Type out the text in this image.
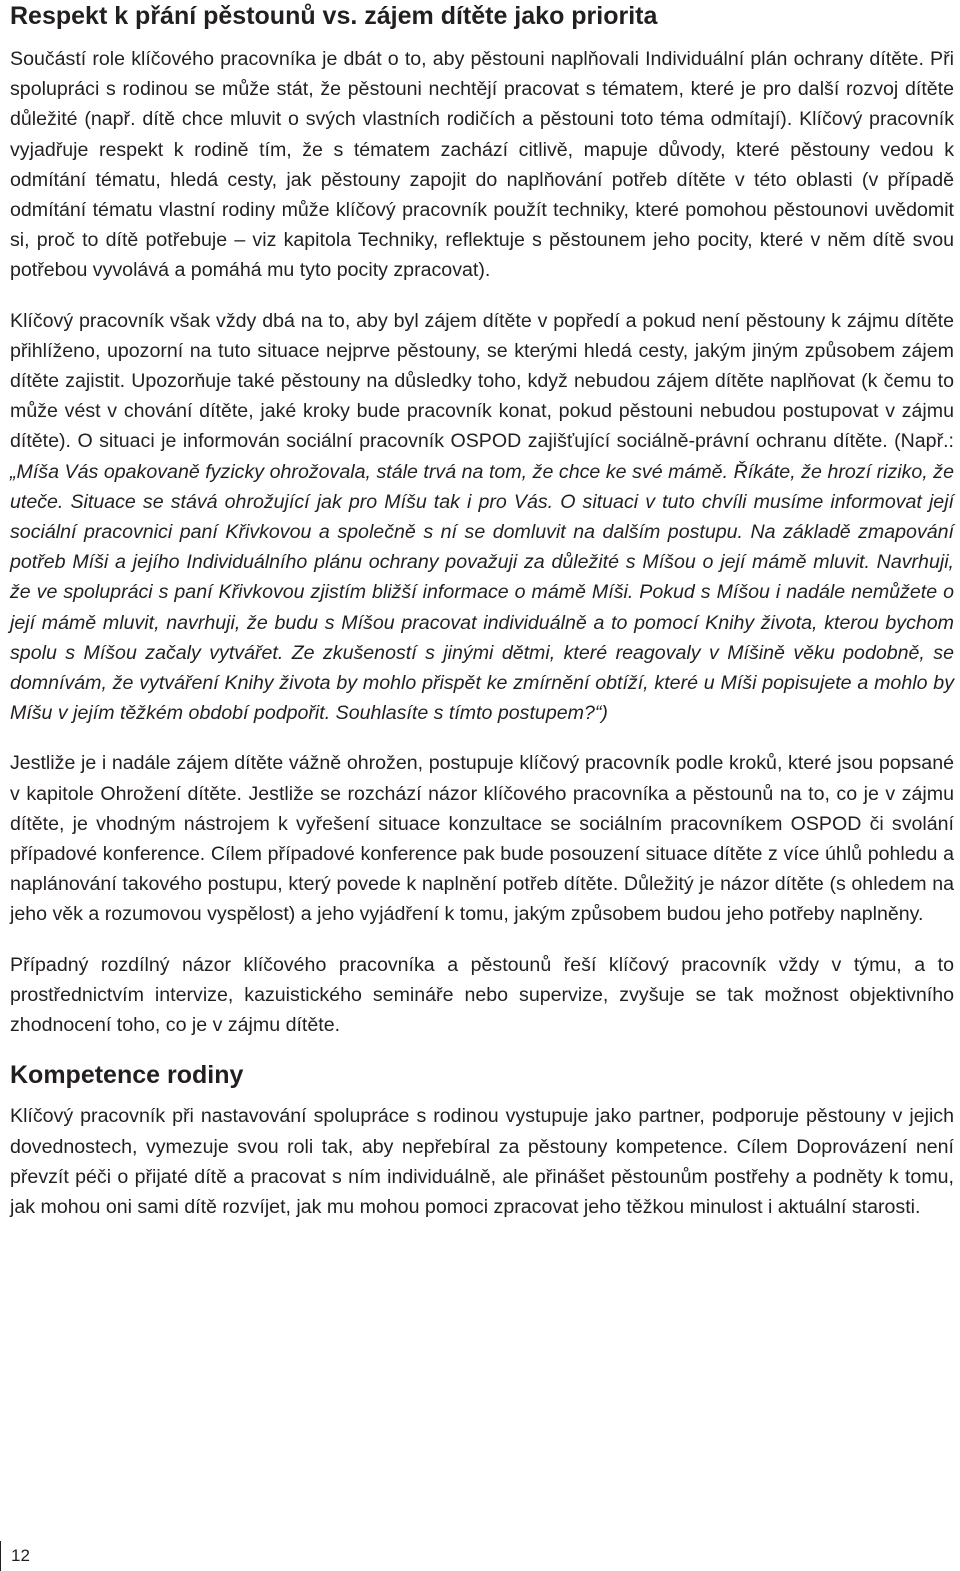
Respekt k přání pěstounů vs. zájem dítěte jako priorita

Součástí role klíčového pracovníka je dbát o to, aby pěstouni naplňovali Individuální plán ochrany dítěte. Při spolupráci s rodinou se může stát, že pěstouni nechtějí pracovat s tématem, které je pro další rozvoj dítěte důležité (např. dítě chce mluvit o svých vlastních rodičích a pěstouni toto téma odmítají). Klíčový pracovník vyjadřuje respekt k rodině tím, že s tématem zachází citlivě, mapuje důvody, které pěstouny vedou k odmítání tématu, hledá cesty, jak pěstouny zapojit do naplňování potřeb dítěte v této oblasti (v případě odmítání tématu vlastní rodiny může klíčový pracovník použít techniky, které pomohou pěstounovi uvědomit si, proč to dítě potřebuje – viz kapitola Techniky, reflektuje s pěstounem jeho pocity, které v něm dítě svou potřebou vyvolává a pomáhá mu tyto pocity zpracovat).

Klíčový pracovník však vždy dbá na to, aby byl zájem dítěte v popředí a pokud není pěstouny k zájmu dítěte přihlíženo, upozorní na tuto situace nejprve pěstouny, se kterými hledá cesty, jakým jiným způsobem zájem dítěte zajistit. Upozorňuje také pěstouny na důsledky toho, když nebudou zájem dítěte naplňovat (k čemu to může vést v chování dítěte, jaké kroky bude pracovník konat, pokud pěstouni nebudou postupovat v zájmu dítěte). O situaci je informován sociální pracovník OSPOD zajišťující sociálně-právní ochranu dítěte. (Např.: „Míša Vás opakovaně fyzicky ohrožovala, stále trvá na tom, že chce ke své mámě. Říkáte, že hrozí riziko, že uteče. Situace se stává ohrožující jak pro Míšu tak i pro Vás. O situaci v tuto chvíli musíme informovat její sociální pracovnici paní Křivkovou a společně s ní se domluvit na dalším postupu. Na základě zmapování potřeb Míši a jejího Individuálního plánu ochrany považuji za důležité s Míšou o její mámě mluvit. Navrhuji, že ve spolupráci s paní Křivkovou zjistím bližší informace o mámě Míši. Pokud s Míšou i nadále nemůžete o její mámě mluvit, navrhuji, že budu s Míšou pracovat individuálně a to pomocí Knihy života, kterou bychom spolu s Míšou začaly vytvářet. Ze zkušeností s jinými dětmi, které reagovaly v Míšině věku podobně, se domnívám, že vytváření Knihy života by mohlo přispět ke zmírnění obtíží, které u Míši popisujete a mohlo by Míšu v jejím těžkém období podpořit. Souhlasíte s tímto postupem?“)

Jestliže je i nadále zájem dítěte vážně ohrožen, postupuje klíčový pracovník podle kroků, které jsou popsané v kapitole Ohrožení dítěte. Jestliže se rozchází názor klíčového pracovníka a pěstounů na to, co je v zájmu dítěte, je vhodným nástrojem k vyřešení situace konzultace se sociálním pracovníkem OSPOD či svolání případové konference. Cílem případové konference pak bude posouzení situace dítěte z více úhlů pohledu a naplánování takového postupu, který povede k naplnění potřeb dítěte. Důležitý je názor dítěte (s ohledem na jeho věk a rozumovou vyspělost) a jeho vyjádření k tomu, jakým způsobem budou jeho potřeby naplněny.

Případný rozdílný názor klíčového pracovníka a pěstounů řeší klíčový pracovník vždy v týmu, a to prostřednictvím intervize, kazuistického semináře nebo supervize, zvyšuje se tak možnost objektivního zhodnocení toho, co je v zájmu dítěte.

Kompetence rodiny

Klíčový pracovník při nastavování spolupráce s rodinou vystupuje jako partner, podporuje pěstouny v jejich dovednostech, vymezuje svou roli tak, aby nepřebíral za pěstouny kompetence. Cílem Doprovázení není převzít péči o přijaté dítě a pracovat s ním individuálně, ale přinášet pěstounům postřehy a podněty k tomu, jak mohou oni sami dítě rozvíjet, jak mu mohou pomoci zpracovat jeho těžkou minulost i aktuální starosti.

12
